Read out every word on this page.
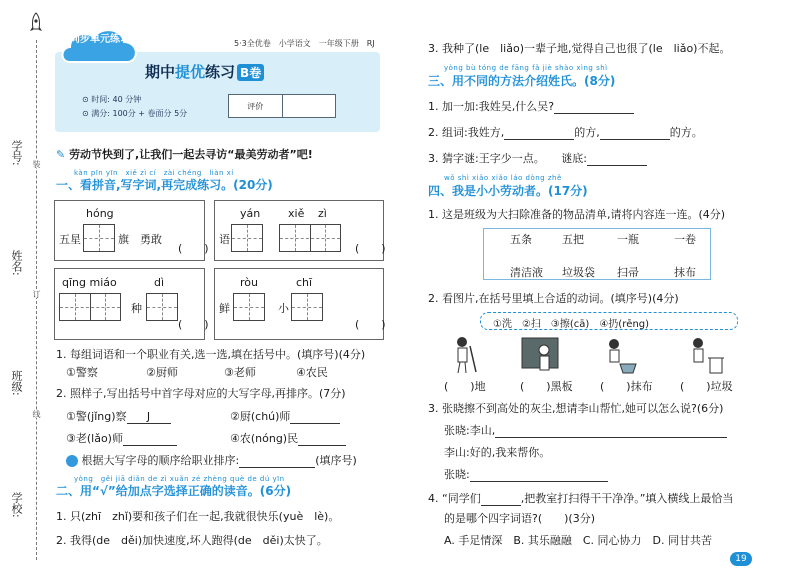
学号:
姓名:
班级:
学校:
装
订
线
5·3全优卷　小学语文　一年级下册　RJ
同步单元练习
期中提优练习 B卷
⊙ 时间: 40 分钟
⊙ 满分: 100分 + 卷面分 5分
评价
✎ 劳动节快到了,让我们一起去寻访“最美劳动者”吧!
kàn pīn yīn　xiě zì cí　zài chéng　liàn xí
一、看拼音,写字词,再完成练习。(20分)
hóng
五星	旗　勇敢
(　　)
yán	xiě zì
语
(　　)
qīng miáo	dì
种
(　　)
ròu	chī
鲜	小
(　　)
1. 每组词语和一个职业有关,选一选,填在括号中。(填序号)(4分)
①警察	②厨师	③老师	④农民
2. 照样子,写出括号中首字母对应的大写字母,再排序。(7分)
①警(jǐng)察 J	②厨(chú)师
③老(lǎo)师	④农(nóng)民
根据大写字母的顺序给职业排序:	(填序号)
yòng　gěi jiā diǎn de zì xuǎn zé zhèng què de dú yīn
二、用“√”给加点字选择正确的读音。(6分)
1. 只(zhī　zhǐ)要和孩子们在一起,我就很快乐(yuè　lè)。
2. 我得(de　děi)加快速度,坏人跑得(de　děi)太快了。
3. 我种了(le　liǎo)一辈子地,觉得自己也很了(le　liǎo)不起。
yòng bù tóng de fāng fǎ jiè shào xìng shì
三、用不同的方法介绍姓氏。(8分)
1. 加一加:我姓吴,什么吴?
2. 组词:我姓方,	的方,	的方。
3. 猜字谜:王字少一点。　　 谜底:
wǒ shì xiǎo xiǎo láo dòng zhě
四、我是小小劳动者。(17分)
1. 这是班级为大扫除准备的物品清单,请将内容连一连。(4分)
五条	五把	一瓶	一卷
清洁液 垃圾袋 扫帚	抹布
2. 看图片,在括号里填上合适的动词。(填序号)(4分)
①洗　②扫　③擦(cā)　④扔(rēng)
(　　)地	(　　)黑板 (　　)抹布 (　　)垃圾
3. 张晓擦不到高处的灰尘,想请李山帮忙,她可以怎么说?(6分)
张晓:李山,
李山:好的,我来帮你。
张晓:
4. “同学们	,把教室打扫得干干净净。”填入横线上最恰当
的是哪个四字词语?(　　)(3分)
A. 手足情深　B. 其乐融融　C. 同心协力　D. 同甘共苦
19
